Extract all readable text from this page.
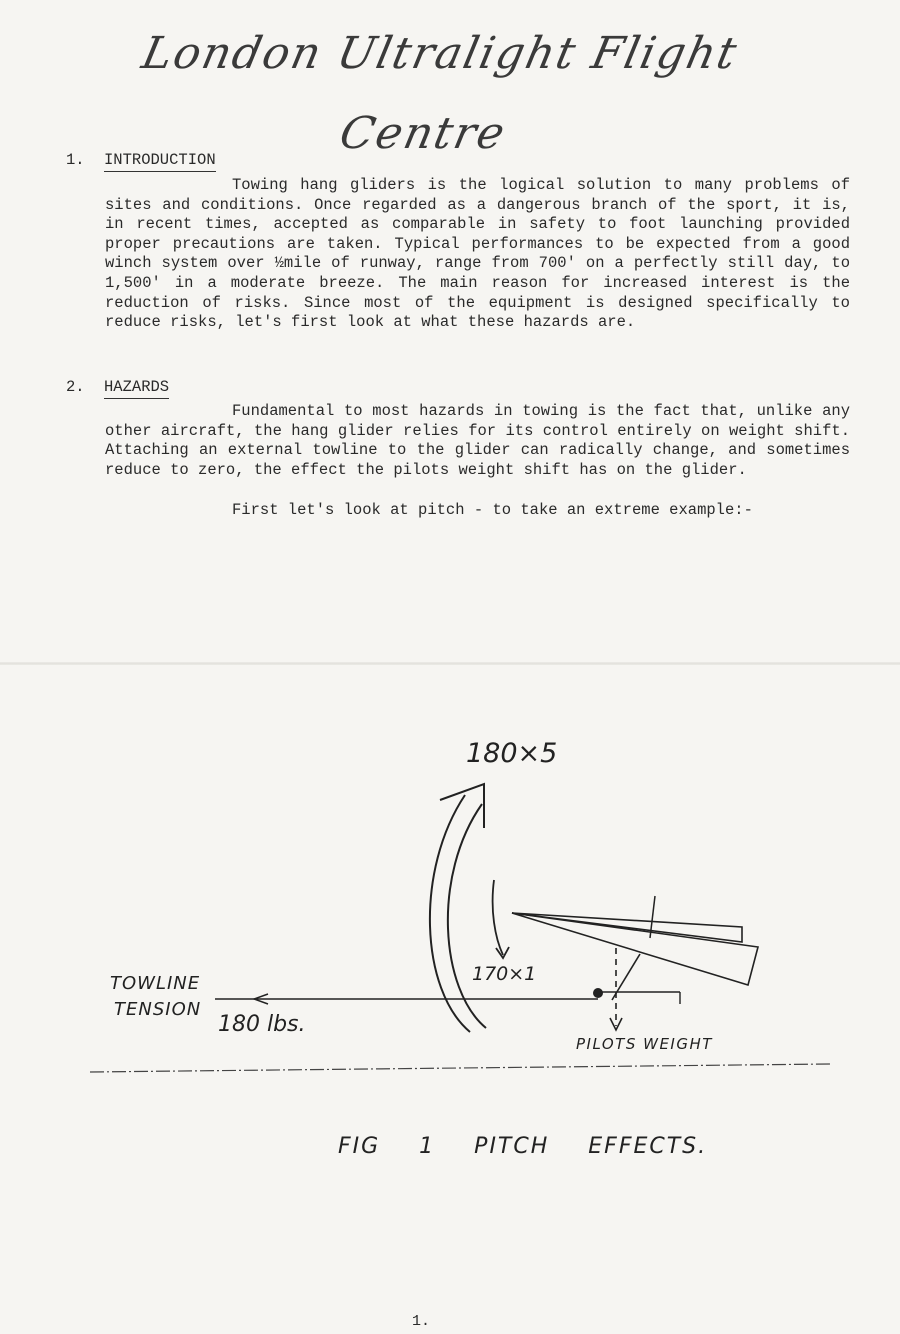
London Ultralight Flight Centre
1. INTRODUCTION

Towing hang gliders is the logical solution to many problems of sites and conditions. Once regarded as a dangerous branch of the sport, it is, in recent times, accepted as comparable in safety to foot launching provided proper precautions are taken. Typical performances to be expected from a good winch system over ½mile of runway, range from 700' on a perfectly still day, to 1,500' in a moderate breeze. The main reason for increased interest is the reduction of risks. Since most of the equipment is designed specifically to reduce risks, let's first look at what these hazards are.

2. HAZARDS

Fundamental to most hazards in towing is the fact that, unlike any other aircraft, the hang glider relies for its control entirely on weight shift. Attaching an external towline to the glider can radically change, and sometimes reduce to zero, the effect the pilots weight shift has on the glider.

First let's look at pitch - to take an extreme example:-

180×5
170×1
TOWLINE
TENSION
180 lbs.
PILOTS WEIGHT
FIG 1 PITCH EFFECTS.
1.
